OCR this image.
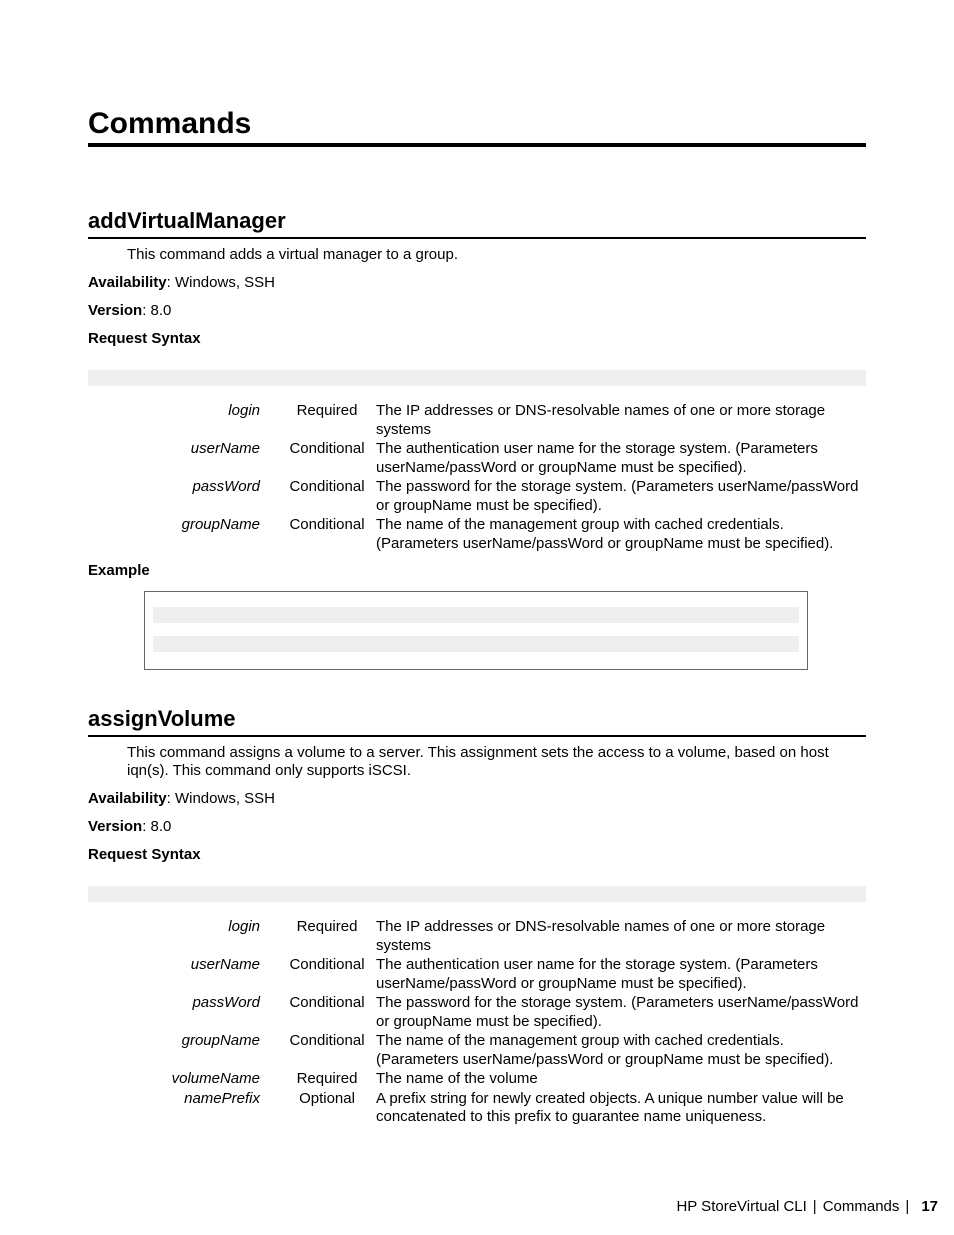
Commands
addVirtualManager

This command adds a virtual manager to a group.

Availability: Windows, SSH

Version: 8.0

Request Syntax

login	Required	The IP addresses or DNS-resolvable names of one or more storage systems
userName	Conditional	The authentication user name for the storage system. (Parameters userName/passWord or groupName must be specified).
passWord	Conditional	The password for the storage system. (Parameters userName/passWord or groupName must be specified).
groupName	Conditional	The name of the management group with cached credentials. (Parameters userName/passWord or groupName must be specified).

Example

assignVolume

This command assigns a volume to a server. This assignment sets the access to a volume, based on host iqn(s). This command only supports iSCSI.

Availability: Windows, SSH

Version: 8.0

Request Syntax

login	Required	The IP addresses or DNS-resolvable names of one or more storage systems
userName	Conditional	The authentication user name for the storage system. (Parameters userName/passWord or groupName must be specified).
passWord	Conditional	The password for the storage system. (Parameters userName/passWord or groupName must be specified).
groupName	Conditional	The name of the management group with cached credentials. (Parameters userName/passWord or groupName must be specified).
volumeName	Required	The name of the volume
namePrefix	Optional	A prefix string for newly created objects. A unique number value will be concatenated to this prefix to guarantee name uniqueness.
HP StoreVirtual CLI | Commands | 17
